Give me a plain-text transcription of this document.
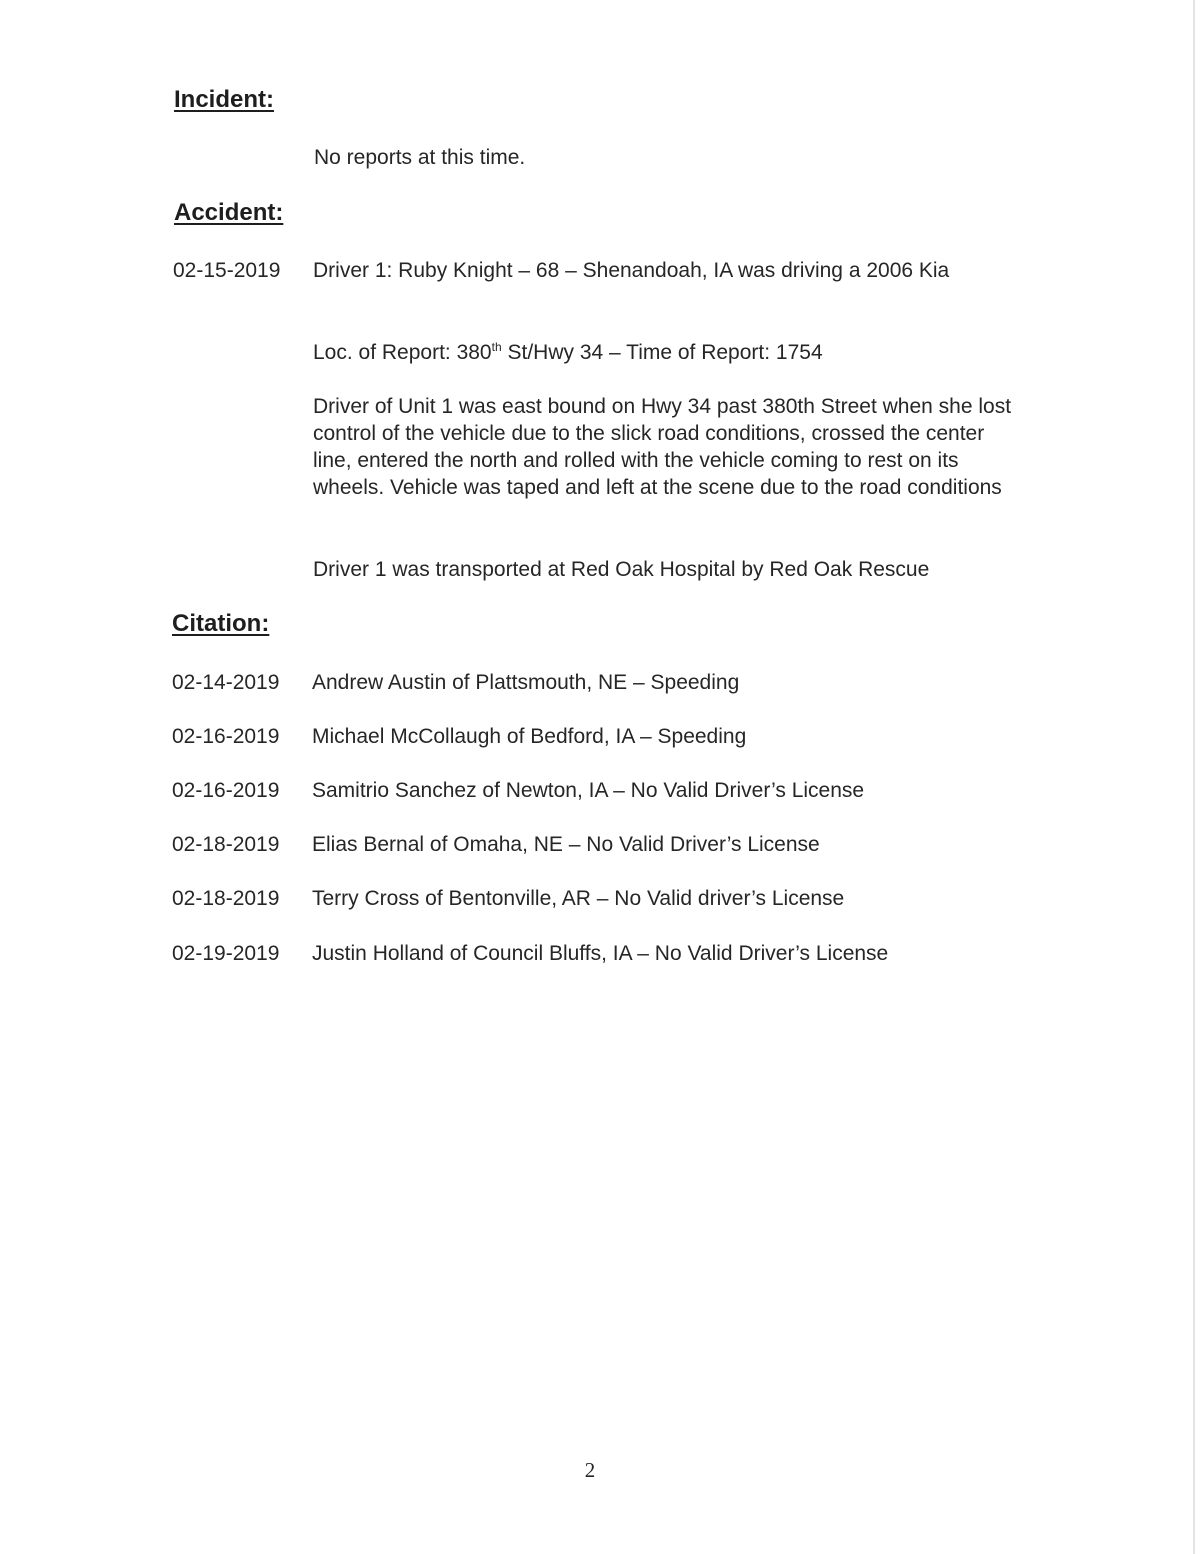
Incident:

No reports at this time.

Accident:
02-15-2019 Driver 1: Ruby Knight – 68 – Shenandoah, IA was driving a 2006 Kia

Loc. of Report: 380th St/Hwy 34 – Time of Report: 1754

Driver of Unit 1 was east bound on Hwy 34 past 380th Street when she lost control of the vehicle due to the slick road conditions, crossed the center line, entered the north and rolled with the vehicle coming to rest on its wheels. Vehicle was taped and left at the scene due to the road conditions

Driver 1 was transported at Red Oak Hospital by Red Oak Rescue

Citation:
02-14-2019 Andrew Austin of Plattsmouth, NE – Speeding

02-16-2019 Michael McCollaugh of Bedford, IA – Speeding

02-16-2019 Samitrio Sanchez of Newton, IA – No Valid Driver’s License

02-18-2019 Elias Bernal of Omaha, NE – No Valid Driver’s License

02-18-2019 Terry Cross of Bentonville, AR – No Valid driver’s License

02-19-2019 Justin Holland of Council Bluffs, IA – No Valid Driver’s License

2
